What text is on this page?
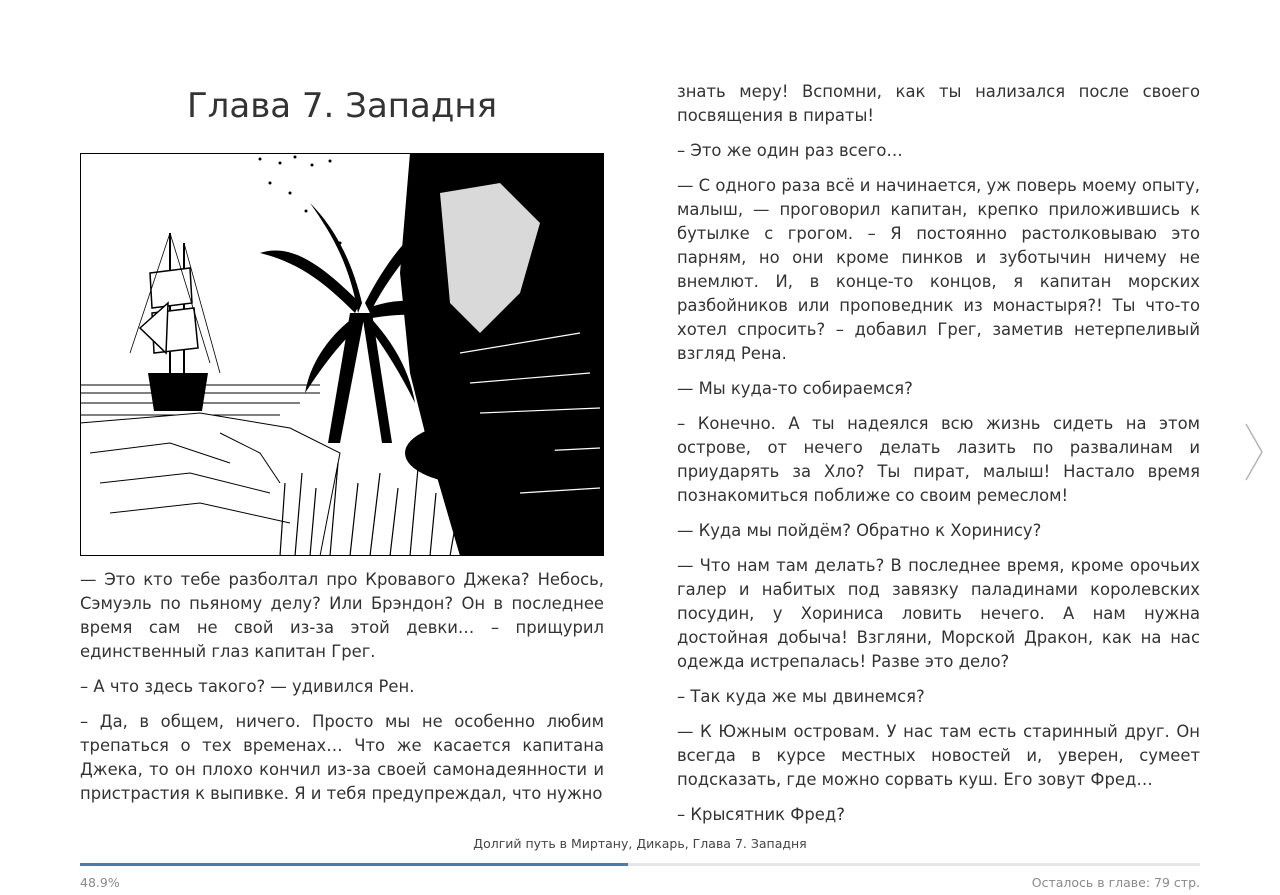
Глава 7. Западня

— Это кто тебе разболтал про Кровавого Джека? Небось, Сэмуэль по пьяному делу? Или Брэндон? Он в последнее время сам не свой из-за этой девки… – прищурил единственный глаз капитан Грег.

– А что здесь такого? — удивился Рен.

– Да, в общем, ничего. Просто мы не особенно любим трепаться о тех временах… Что же касается капитана Джека, то он плохо кончил из-за своей самонадеянности и пристрастия к выпивке. Я и тебя предупреждал, что нужно

знать меру! Вспомни, как ты нализался после своего посвящения в пираты!

– Это же один раз всего…

— С одного раза всё и начинается, уж поверь моему опыту, малыш, — проговорил капитан, крепко приложившись к бутылке с грогом. – Я постоянно растолковываю это парням, но они кроме пинков и зуботычин ничему не внемлют. И, в конце-то концов, я капитан морских разбойников или проповедник из монастыря?! Ты что-то хотел спросить? – добавил Грег, заметив нетерпеливый взгляд Рена.

— Мы куда-то собираемся?

– Конечно. А ты надеялся всю жизнь сидеть на этом острове, от нечего делать лазить по развалинам и приударять за Хло? Ты пират, малыш! Настало время познакомиться поближе со своим ремеслом!

— Куда мы пойдём? Обратно к Хоринису?

— Что нам там делать? В последнее время, кроме орочьих галер и набитых под завязку паладинами королевских посудин, у Хориниса ловить нечего. А нам нужна достойная добыча! Взгляни, Морской Дракон, как на нас одежда истрепалась! Разве это дело?

– Так куда же мы двинемся?

— К Южным островам. У нас там есть старинный друг. Он всегда в курсе местных новостей и, уверен, сумеет подсказать, где можно сорвать куш. Его зовут Фред…

– Крысятник Фред?

Долгий путь в Миртану, Дикарь, Глава 7. Западня
48.9%	Осталось в главе: 79 стр.
